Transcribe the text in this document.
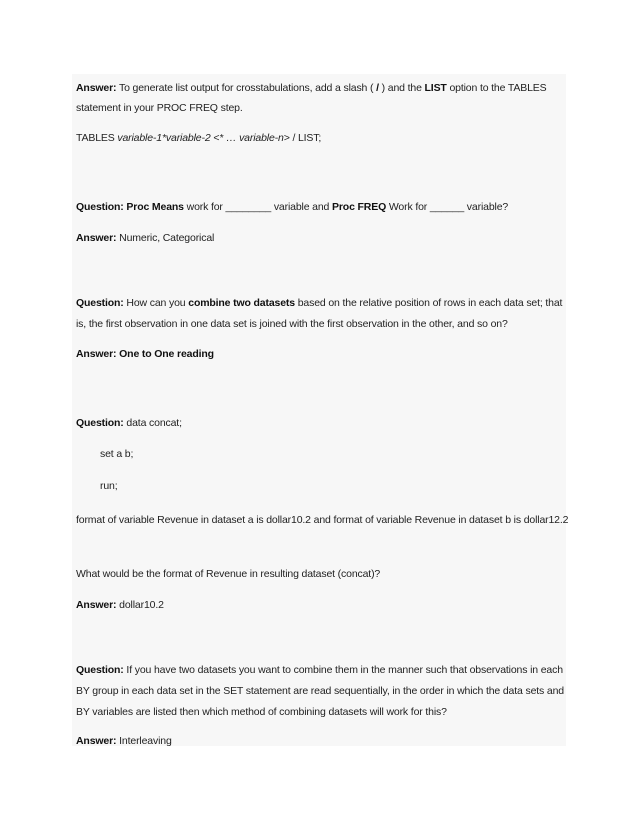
Answer: To generate list output for crosstabulations, add a slash ( / ) and the LIST option to the TABLES
statement in your PROC FREQ step.
TABLES variable-1*variable-2 <* … variable-n> / LIST;
Question: Proc Means work for ________ variable and Proc FREQ Work for ______ variable?
Answer: Numeric, Categorical
Question: How can you combine two datasets based on the relative position of rows in each data set; that
is, the first observation in one data set is joined with the first observation in the other, and so on?
Answer: One to One reading
Question: data concat;
set a b;
run;
format of variable Revenue in dataset a is dollar10.2 and format of variable Revenue in dataset b is dollar12.2
What would be the format of Revenue in resulting dataset (concat)?
Answer: dollar10.2
Question: If you have two datasets you want to combine them in the manner such that observations in each
BY group in each data set in the SET statement are read sequentially, in the order in which the data sets and
BY variables are listed then which method of combining datasets will work for this?
Answer: Interleaving
